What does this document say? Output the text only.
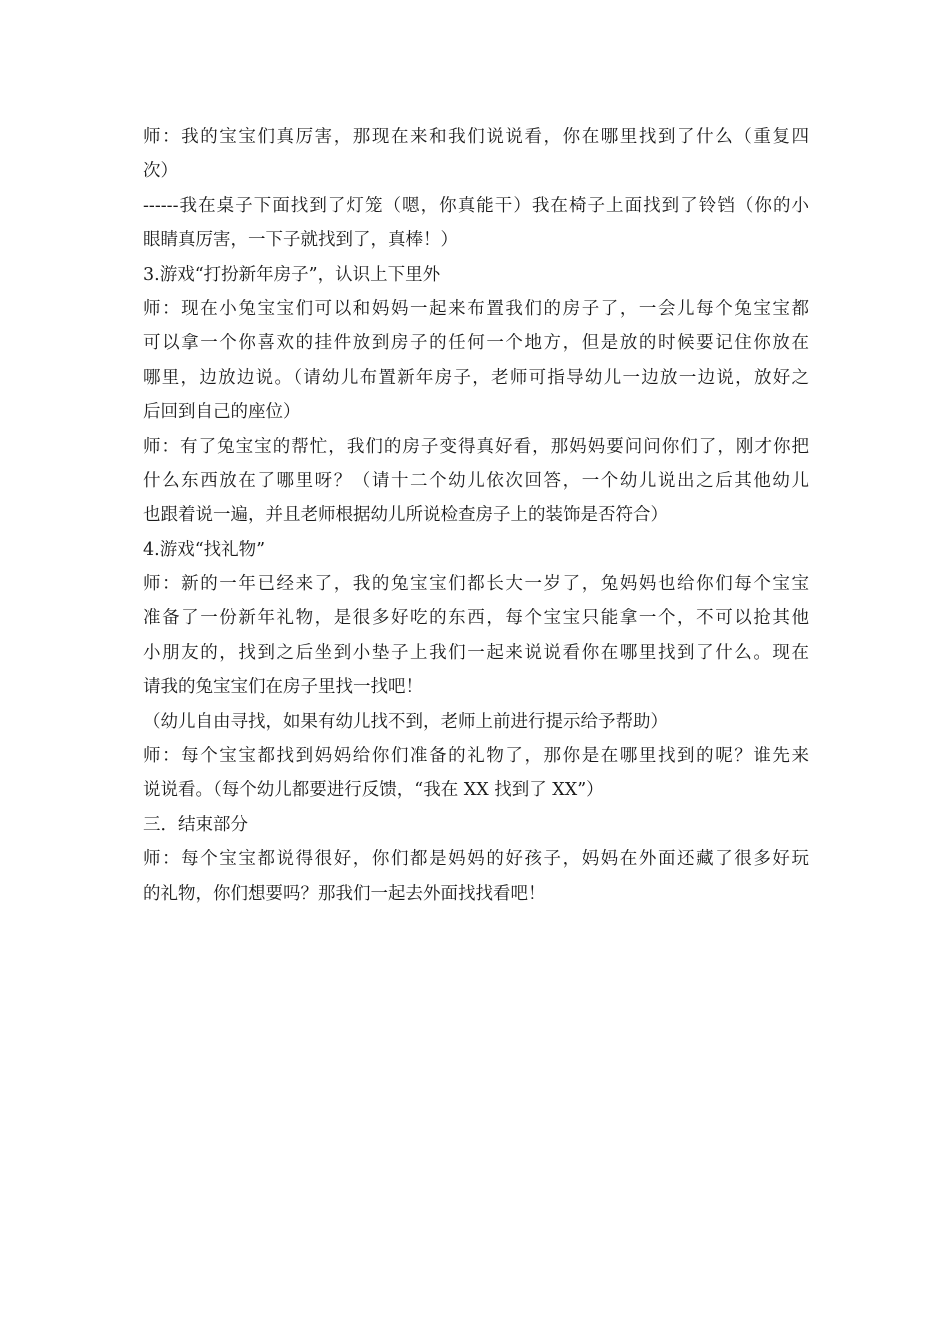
师：我的宝宝们真厉害，那现在来和我们说说看，你在哪里找到了什么（重复四
次）
------我在桌子下面找到了灯笼（嗯，你真能干）我在椅子上面找到了铃铛（你的小
眼睛真厉害，一下子就找到了，真棒！）
3.游戏“打扮新年房子”，认识上下里外
师：现在小兔宝宝们可以和妈妈一起来布置我们的房子了，一会儿每个兔宝宝都
可以拿一个你喜欢的挂件放到房子的任何一个地方，但是放的时候要记住你放在
哪里，边放边说。（请幼儿布置新年房子，老师可指导幼儿一边放一边说，放好之
后回到自己的座位）
师：有了兔宝宝的帮忙，我们的房子变得真好看，那妈妈要问问你们了，刚才你把
什么东西放在了哪里呀？（请十二个幼儿依次回答，一个幼儿说出之后其他幼儿
也跟着说一遍，并且老师根据幼儿所说检查房子上的装饰是否符合）
4.游戏“找礼物”
师：新的一年已经来了，我的兔宝宝们都长大一岁了，兔妈妈也给你们每个宝宝
准备了一份新年礼物，是很多好吃的东西，每个宝宝只能拿一个，不可以抢其他
小朋友的，找到之后坐到小垫子上我们一起来说说看你在哪里找到了什么。现在
请我的兔宝宝们在房子里找一找吧！
（幼儿自由寻找，如果有幼儿找不到，老师上前进行提示给予帮助）
师：每个宝宝都找到妈妈给你们准备的礼物了，那你是在哪里找到的呢？谁先来
说说看。（每个幼儿都要进行反馈，“我在 XX 找到了 XX”）
三．结束部分
师：每个宝宝都说得很好，你们都是妈妈的好孩子，妈妈在外面还藏了很多好玩
的礼物，你们想要吗？那我们一起去外面找找看吧！
